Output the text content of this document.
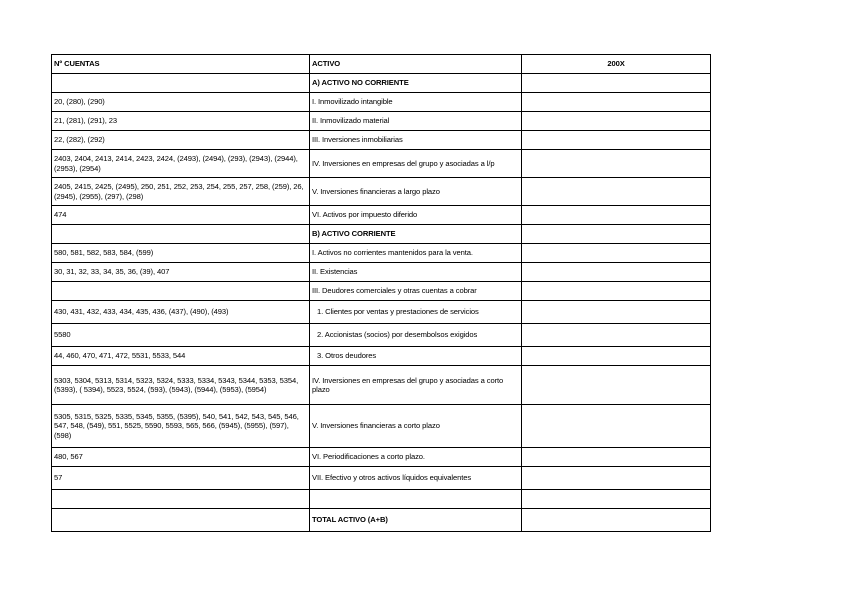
Nº CUENTAS	ACTIVO	200X
	A) ACTIVO NO CORRIENTE	
20, (280), (290)	I. Inmovilizado intangible	
21, (281), (291), 23	II. Inmovilizado material	
22, (282), (292)	III. Inversiones inmobiliarias	
2403, 2404, 2413, 2414, 2423, 2424, (2493), (2494), (293), (2943), (2944), (2953), (2954)	IV. Inversiones en empresas del grupo y asociadas a l/p	
2405, 2415, 2425, (2495), 250, 251, 252, 253, 254, 255, 257, 258, (259), 26, (2945), (2955), (297), (298)	V. Inversiones financieras a largo plazo	
474	VI. Activos por impuesto diferido	
	B) ACTIVO CORRIENTE	
580, 581, 582, 583, 584, (599)	I. Activos no corrientes mantenidos para la venta.	
30, 31, 32, 33, 34, 35, 36, (39), 407	II. Existencias	
	III. Deudores comerciales y otras cuentas a cobrar	
430, 431, 432, 433, 434, 435, 436, (437), (490), (493)	1. Clientes por ventas y prestaciones de servicios	
5580	2. Accionistas (socios) por desembolsos exigidos	
44, 460, 470, 471, 472, 5531, 5533, 544	3. Otros deudores	
5303, 5304, 5313, 5314, 5323, 5324, 5333, 5334, 5343, 5344, 5353, 5354, (5393), ( 5394), 5523, 5524, (593), (5943), (5944), (5953), (5954)	IV. Inversiones en empresas del grupo y asociadas a corto plazo	
5305, 5315, 5325, 5335, 5345, 5355, (5395), 540, 541, 542, 543, 545, 546, 547, 548, (549), 551, 5525, 5590, 5593, 565, 566, (5945), (5955), (597), (598)	V. Inversiones financieras a corto plazo	
480, 567	VI. Periodificaciones a corto plazo.	
57	VII. Efectivo y otros activos líquidos equivalentes	

	TOTAL ACTIVO (A+B)	
